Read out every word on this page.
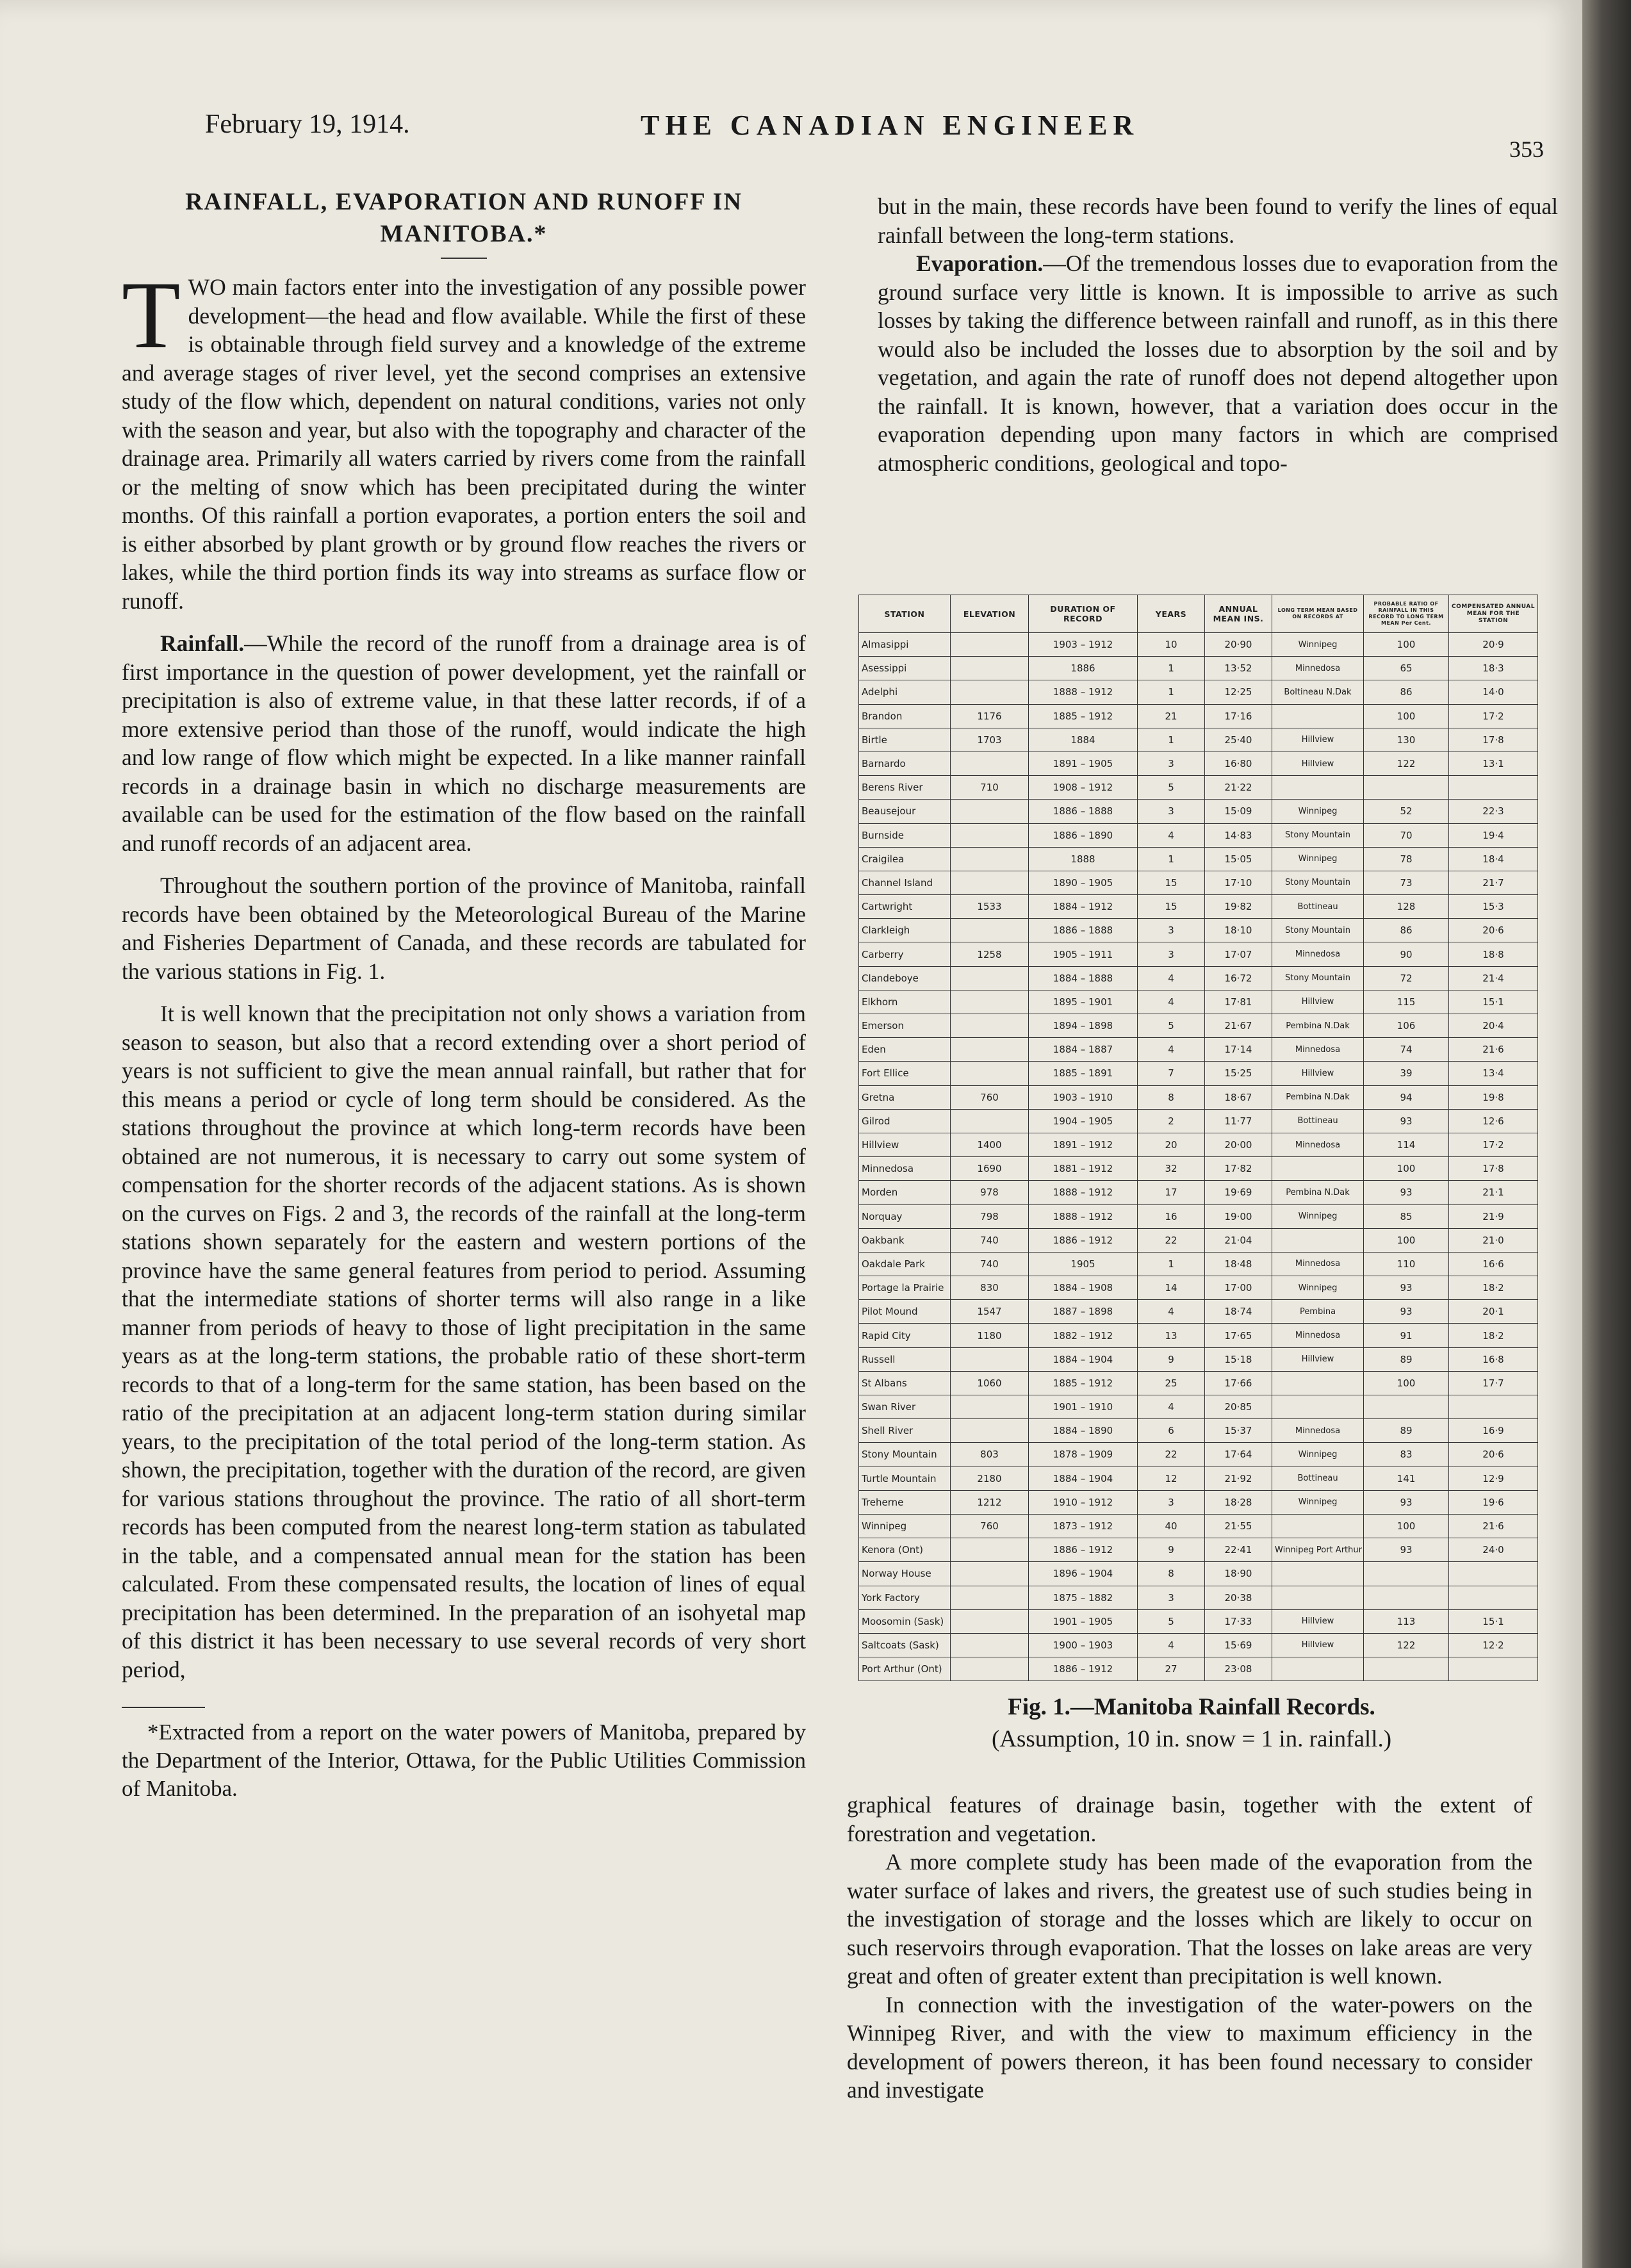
February 19, 1914.	THE CANADIAN ENGINEER
353
RAINFALL, EVAPORATION AND RUNOFF IN
MANITOBA.*

TWO main factors enter into the investigation of any possible power development—the head and flow available. While the first of these is obtainable through field survey and a knowledge of the extreme and average stages of river level, yet the second comprises an extensive study of the flow which, dependent on natural conditions, varies not only with the season and year, but also with the topography and character of the drainage area. Primarily all waters carried by rivers come from the rainfall or the melting of snow which has been precipitated during the winter months. Of this rainfall a portion evaporates, a portion enters the soil and is either absorbed by plant growth or by ground flow reaches the rivers or lakes, while the third portion finds its way into streams as surface flow or runoff.

Rainfall.—While the record of the runoff from a drainage area is of first importance in the question of power development, yet the rainfall or precipitation is also of extreme value, in that these latter records, if of a more extensive period than those of the runoff, would indicate the high and low range of flow which might be expected. In a like manner rainfall records in a drainage basin in which no discharge measurements are available can be used for the estimation of the flow based on the rainfall and runoff records of an adjacent area.

Throughout the southern portion of the province of Manitoba, rainfall records have been obtained by the Meteorological Bureau of the Marine and Fisheries Department of Canada, and these records are tabulated for the various stations in Fig. 1.

It is well known that the precipitation not only shows a variation from season to season, but also that a record extending over a short period of years is not sufficient to give the mean annual rainfall, but rather that for this means a period or cycle of long term should be considered. As the stations throughout the province at which long-term records have been obtained are not numerous, it is necessary to carry out some system of compensation for the shorter records of the adjacent stations. As is shown on the curves on Figs. 2 and 3, the records of the rainfall at the long-term stations shown separately for the eastern and western portions of the province have the same general features from period to period. Assuming that the intermediate stations of shorter terms will also range in a like manner from periods of heavy to those of light precipitation in the same years as at the long-term stations, the probable ratio of these short-term records to that of a long-term for the same station, has been based on the ratio of the precipitation at an adjacent long-term station during similar years, to the precipitation of the total period of the long-term station. As shown, the precipitation, together with the duration of the record, are given for various stations throughout the province. The ratio of all short-term records has been computed from the nearest long-term station as tabulated in the table, and a compensated annual mean for the station has been calculated. From these compensated results, the location of lines of equal precipitation has been determined. In the preparation of an isohyetal map of this district it has been necessary to use several records of very short period,

*Extracted from a report on the water powers of Manitoba, prepared by the Department of the Interior, Ottawa, for the Public Utilities Commission of Manitoba.

but in the main, these records have been found to verify the lines of equal rainfall between the long-term stations.

Evaporation.—Of the tremendous losses due to evaporation from the ground surface very little is known. It is impossible to arrive as such losses by taking the difference between rainfall and runoff, as in this there would also be included the losses due to absorption by the soil and by vegetation, and again the rate of runoff does not depend altogether upon the rainfall. It is known, however, that a variation does occur in the evaporation depending upon many factors in which are comprised atmospheric conditions, geological and topo-

STATION	ELEVATION	DURATION OF RECORD	YEARS	ANNUAL MEAN INS.	LONG TERM MEAN BASED ON RECORDS AT	PROBABLE RATIO OF RAINFALL IN THIS RECORD TO LONG TERM MEAN Per Cent.	COMPENSATED ANNUAL MEAN FOR THE STATION
Almasippi		1903 – 1912	10	20·90	Winnipeg	100	20·9
Asessippi		1886	1	13·52	Minnedosa	65	18·3
Adelphi		1888 – 1912	1	12·25	Boltineau N.Dak	86	14·0
Brandon	1176	1885 – 1912	21	17·16		100	17·2
Birtle	1703	1884	1	25·40	Hillview	130	17·8
Barnardo		1891 – 1905	3	16·80	Hillview	122	13·1
Berens River	710	1908 – 1912	5	21·22			
Beausejour		1886 – 1888	3	15·09	Winnipeg	52	22·3
Burnside		1886 – 1890	4	14·83	Stony Mountain	70	19·4
Craigilea		1888	1	15·05	Winnipeg	78	18·4
Channel Island		1890 – 1905	15	17·10	Stony Mountain	73	21·7
Cartwright	1533	1884 – 1912	15	19·82	Bottineau	128	15·3
Clarkleigh		1886 – 1888	3	18·10	Stony Mountain	86	20·6
Carberry	1258	1905 – 1911	3	17·07	Minnedosa	90	18·8
Clandeboye		1884 – 1888	4	16·72	Stony Mountain	72	21·4
Elkhorn		1895 – 1901	4	17·81	Hillview	115	15·1
Emerson		1894 – 1898	5	21·67	Pembina N.Dak	106	20·4
Eden		1884 – 1887	4	17·14	Minnedosa	74	21·6
Fort Ellice		1885 – 1891	7	15·25	Hillview	39	13·4
Gretna	760	1903 – 1910	8	18·67	Pembina N.Dak	94	19·8
Gilrod		1904 – 1905	2	11·77	Bottineau	93	12·6
Hillview	1400	1891 – 1912	20	20·00	Minnedosa	114	17·2
Minnedosa	1690	1881 – 1912	32	17·82		100	17·8
Morden	978	1888 – 1912	17	19·69	Pembina N.Dak	93	21·1
Norquay	798	1888 – 1912	16	19·00	Winnipeg	85	21·9
Oakbank	740	1886 – 1912	22	21·04		100	21·0
Oakdale Park	740	1905	1	18·48	Minnedosa	110	16·6
Portage la Prairie	830	1884 – 1908	14	17·00	Winnipeg	93	18·2
Pilot Mound	1547	1887 – 1898	4	18·74	Pembina	93	20·1
Rapid City	1180	1882 – 1912	13	17·65	Minnedosa	91	18·2
Russell		1884 – 1904	9	15·18	Hillview	89	16·8
St Albans	1060	1885 – 1912	25	17·66		100	17·7
Swan River		1901 – 1910	4	20·85			
Shell River		1884 – 1890	6	15·37	Minnedosa	89	16·9
Stony Mountain	803	1878 – 1909	22	17·64	Winnipeg	83	20·6
Turtle Mountain	2180	1884 – 1904	12	21·92	Bottineau	141	12·9
Treherne	1212	1910 – 1912	3	18·28	Winnipeg	93	19·6
Winnipeg	760	1873 – 1912	40	21·55		100	21·6
Kenora (Ont)		1886 – 1912	9	22·41	Winnipeg Port Arthur	93	24·0
Norway House		1896 – 1904	8	18·90			
York Factory		1875 – 1882	3	20·38			
Moosomin (Sask)		1901 – 1905	5	17·33	Hillview	113	15·1
Saltcoats (Sask)		1900 – 1903	4	15·69	Hillview	122	12·2
Port Arthur (Ont)		1886 – 1912	27	23·08			
Fig. 1.—Manitoba Rainfall Records.
(Assumption, 10 in. snow = 1 in. rainfall.)

graphical features of drainage basin, together with the extent of forestration and vegetation.

A more complete study has been made of the evaporation from the water surface of lakes and rivers, the greatest use of such studies being in the investigation of storage and the losses which are likely to occur on such reservoirs through evaporation. That the losses on lake areas are very great and often of greater extent than precipitation is well known.

In connection with the investigation of the water-powers on the Winnipeg River, and with the view to maximum efficiency in the development of powers thereon, it has been found necessary to consider and investigate
